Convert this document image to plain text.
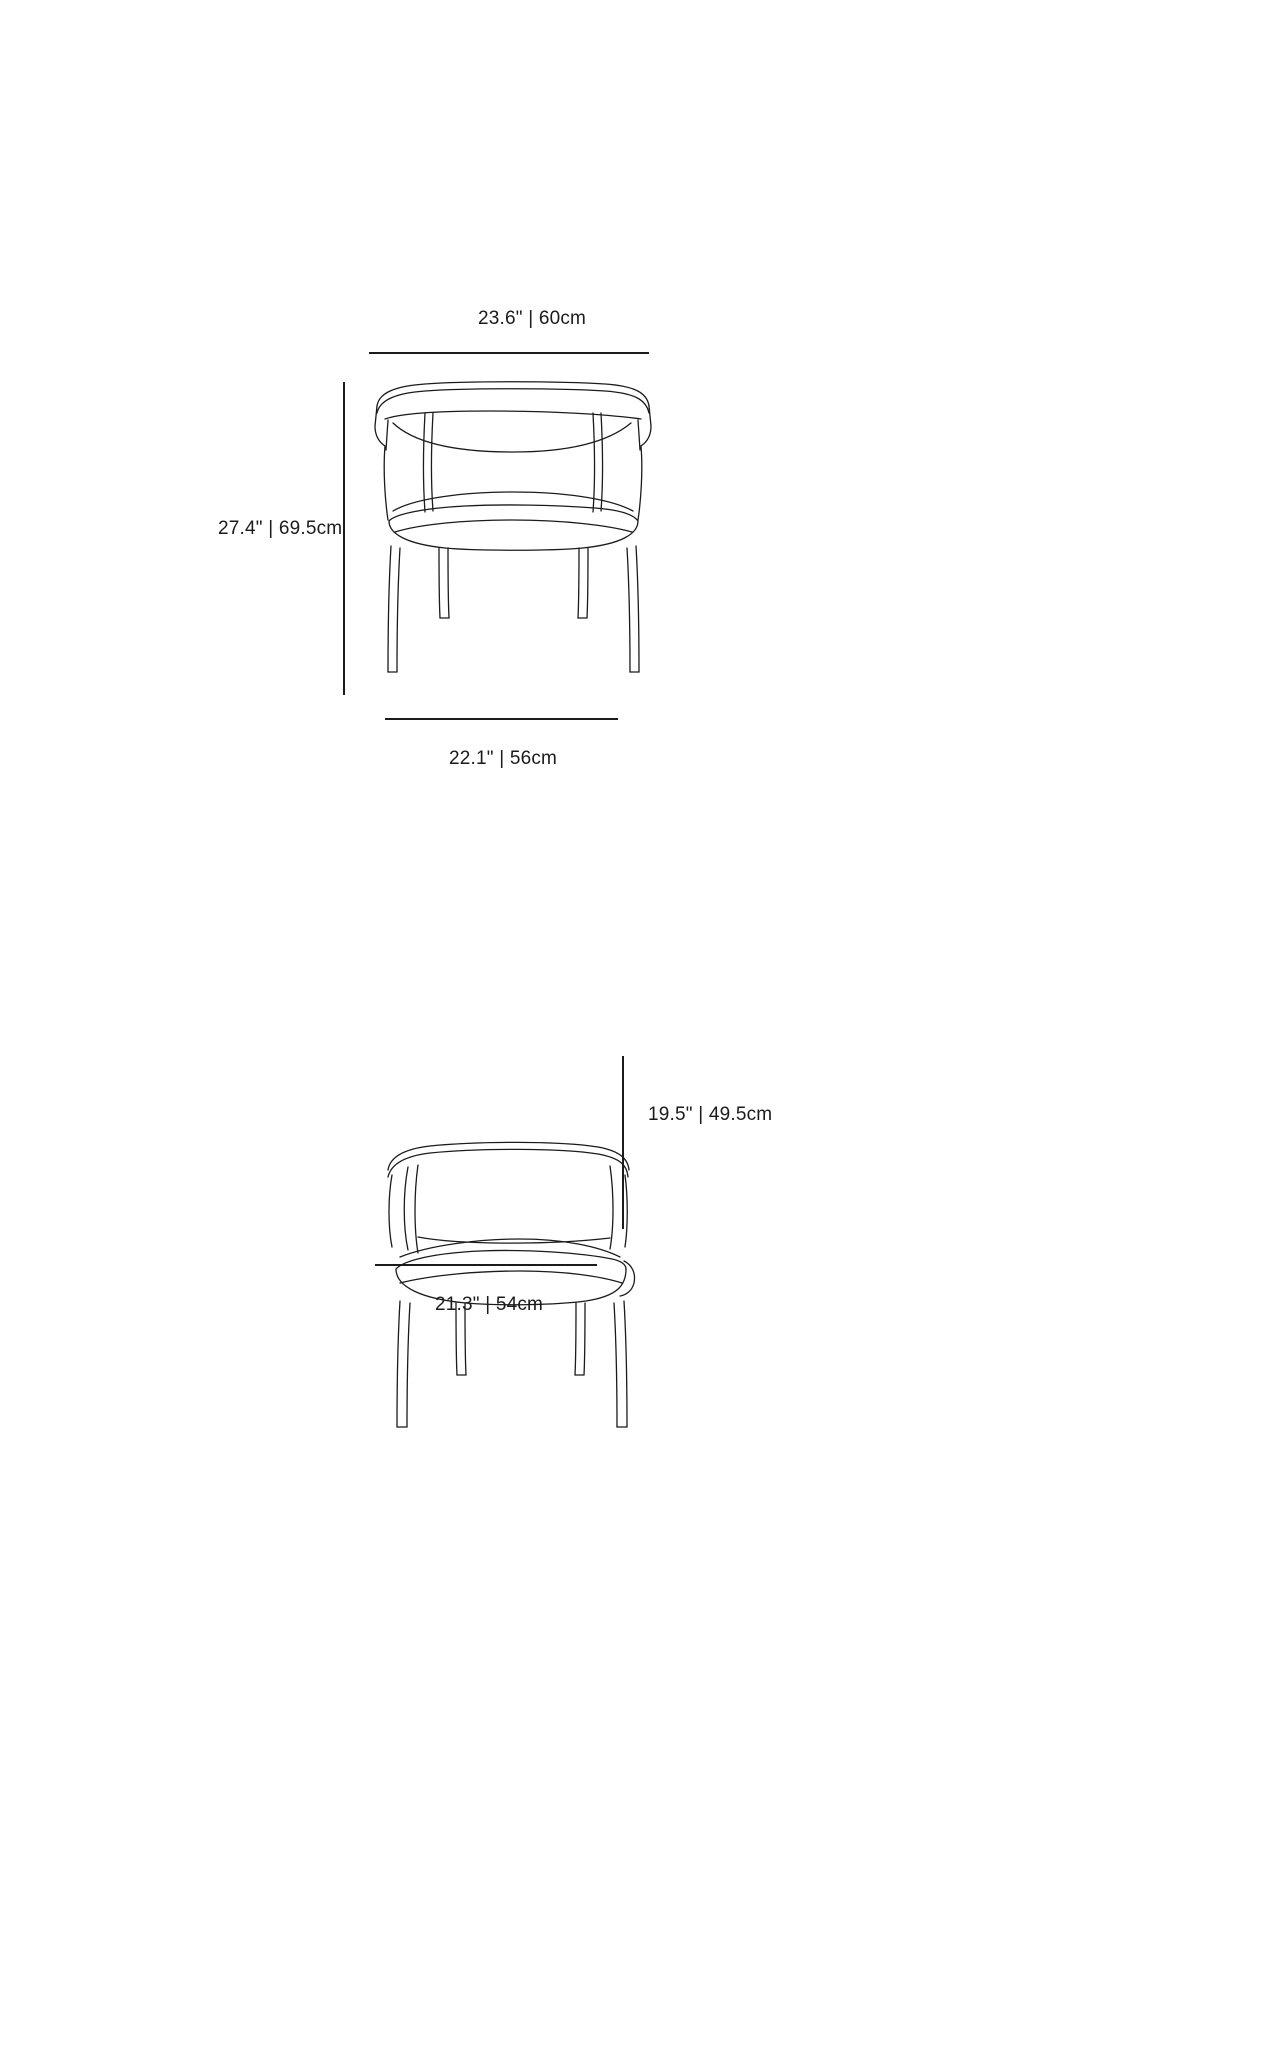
23.6" | 60cm
27.4" | 69.5cm
22.1" | 56cm
19.5" | 49.5cm
21.3" | 54cm
